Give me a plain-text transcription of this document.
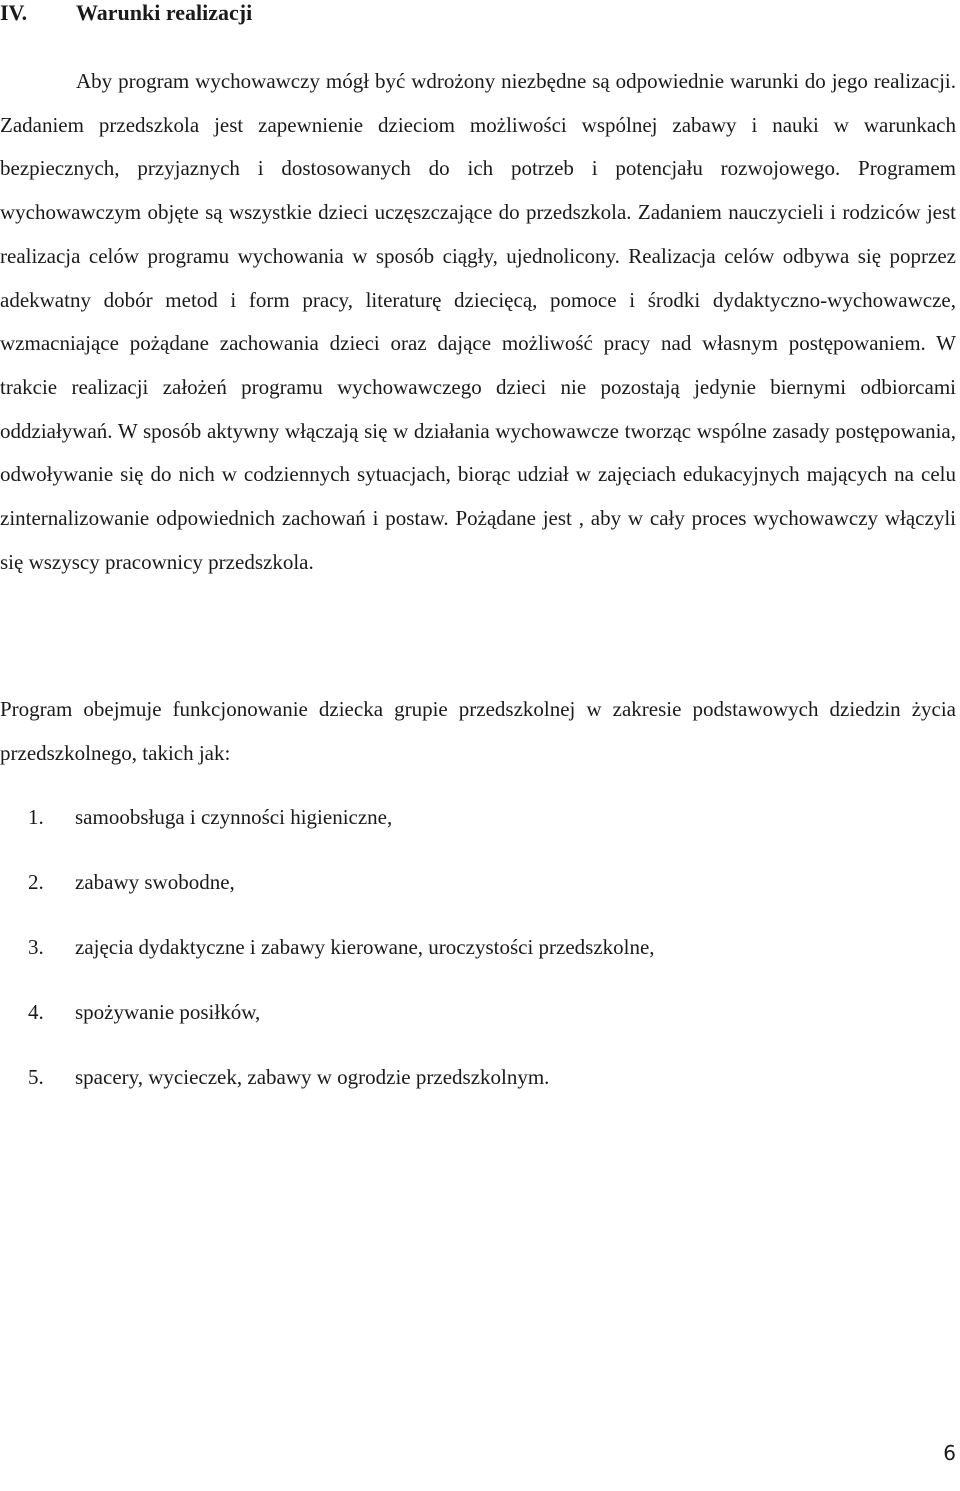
IV. Warunki realizacji

Aby program wychowawczy mógł być wdrożony niezbędne są odpowiednie warunki do jego realizacji. Zadaniem przedszkola jest zapewnienie dzieciom możliwości wspólnej zabawy i nauki w warunkach bezpiecznych, przyjaznych i dostosowanych do ich potrzeb i potencjału rozwojowego. Programem wychowawczym objęte są wszystkie dzieci uczęszczające do przedszkola. Zadaniem nauczycieli i rodziców jest realizacja celów programu wychowania w sposób ciągły, ujednolicony. Realizacja celów odbywa się poprzez adekwatny dobór metod i form pracy, literaturę dziecięcą, pomoce i środki dydaktyczno-wychowawcze, wzmacniające pożądane zachowania dzieci oraz dające możliwość pracy nad własnym postępowaniem. W trakcie realizacji założeń programu wychowawczego dzieci nie pozostają jedynie biernymi odbiorcami oddziaływań. W sposób aktywny włączają się w działania wychowawcze tworząc wspólne zasady postępowania, odwoływanie się do nich w codziennych sytuacjach, biorąc udział w zajęciach edukacyjnych mających na celu zinternalizowanie odpowiednich zachowań i postaw. Pożądane jest , aby w cały proces wychowawczy włączyli się wszyscy pracownicy przedszkola.

Program obejmuje funkcjonowanie dziecka grupie przedszkolnej w zakresie podstawowych dziedzin życia przedszkolnego, takich jak:

1. samoobsługa i czynności higieniczne,
2. zabawy swobodne,
3. zajęcia dydaktyczne i zabawy kierowane, uroczystości przedszkolne,
4. spożywanie posiłków,
5. spacery, wycieczek, zabawy w ogrodzie przedszkolnym.
6
